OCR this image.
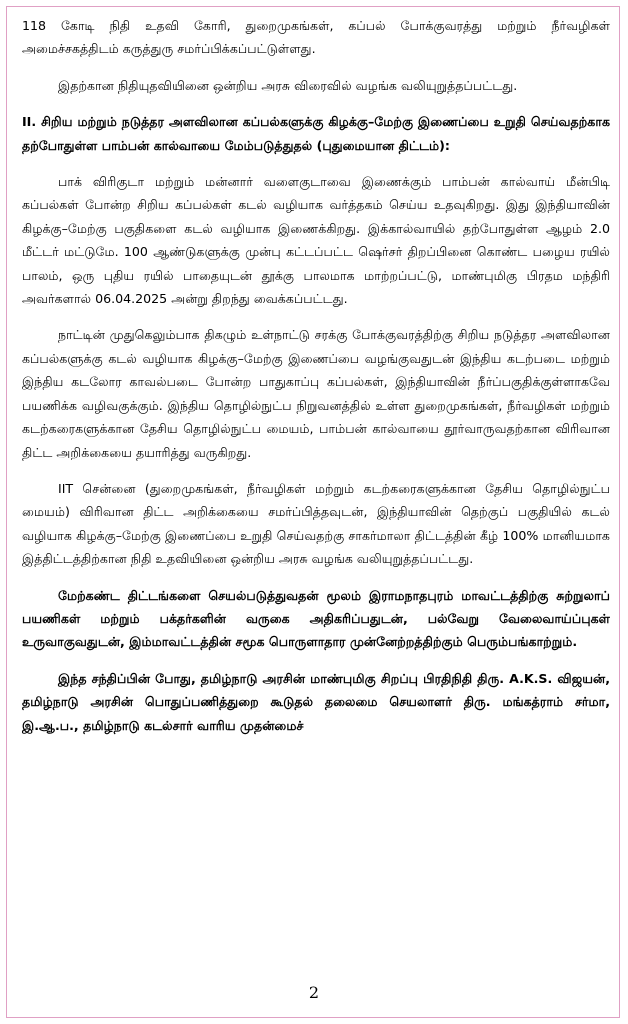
118 கோடி நிதி உதவி கோரி, துறைமுகங்கள், கப்பல் போக்குவரத்து மற்றும் நீர்வழிகள் அமைச்சகத்திடம் கருத்துரு சமர்ப்பிக்கப்பட்டுள்ளது.

இதற்கான நிதியுதவியினை ஒன்றிய அரசு விரைவில் வழங்க வலியுறுத்தப்பட்டது.

II. சிறிய மற்றும் நடுத்தர அளவிலான கப்பல்களுக்கு கிழக்கு–மேற்கு இணைப்பை உறுதி செய்வதற்காக தற்போதுள்ள பாம்பன் கால்வாயை மேம்படுத்துதல் (புதுமையான திட்டம்):

பாக் விரிகுடா மற்றும் மன்னார் வளைகுடாவை இணைக்கும் பாம்பன் கால்வாய் மீன்பிடி கப்பல்கள் போன்ற சிறிய கப்பல்கள் கடல் வழியாக வர்த்தகம் செய்ய உதவுகிறது. இது இந்தியாவின் கிழக்கு–மேற்கு பகுதிகளை கடல் வழியாக இணைக்கிறது. இக்கால்வாயில் தற்போதுள்ள ஆழம் 2.0 மீட்டர் மட்டுமே. 100 ஆண்டுகளுக்கு முன்பு கட்டப்பட்ட ஷெர்சர் திறப்பினை கொண்ட பழைய ரயில் பாலம், ஒரு புதிய ரயில் பாதையுடன் தூக்கு பாலமாக மாற்றப்பட்டு, மாண்புமிகு பிரதம மந்திரி அவர்களால் 06.04.2025 அன்று திறந்து வைக்கப்பட்டது.

நாட்டின் முதுகெலும்பாக திகழும் உள்நாட்டு சரக்கு போக்குவரத்திற்கு சிறிய நடுத்தர அளவிலான கப்பல்களுக்கு கடல் வழியாக கிழக்கு–மேற்கு இணைப்பை வழங்குவதுடன் இந்திய கடற்படை மற்றும் இந்திய கடலோர காவல்படை போன்ற பாதுகாப்பு கப்பல்கள், இந்தியாவின் நீர்ப்பகுதிக்குள்ளாகவே பயணிக்க வழிவகுக்கும். இந்திய தொழில்நுட்ப நிறுவனத்தில் உள்ள துறைமுகங்கள், நீர்வழிகள் மற்றும் கடற்கரைகளுக்கான தேசிய தொழில்நுட்ப மையம், பாம்பன் கால்வாயை தூர்வாருவதற்கான விரிவான திட்ட அறிக்கையை தயாரித்து வருகிறது.

IIT சென்னை (துறைமுகங்கள், நீர்வழிகள் மற்றும் கடற்கரைகளுக்கான தேசிய தொழில்நுட்ப மையம்) விரிவான திட்ட அறிக்கையை சமர்ப்பித்தவுடன், இந்தியாவின் தெற்குப் பகுதியில் கடல் வழியாக கிழக்கு–மேற்கு இணைப்பை உறுதி செய்வதற்கு சாகர்மாலா திட்டத்தின் கீழ் 100% மானியமாக இத்திட்டத்திற்கான நிதி உதவியினை ஒன்றிய அரசு வழங்க வலியுறுத்தப்பட்டது.

மேற்கண்ட திட்டங்களை செயல்படுத்துவதன் மூலம் இராமநாதபுரம் மாவட்டத்திற்கு சுற்றுலாப் பயணிகள் மற்றும் பக்தர்களின் வருகை அதிகரிப்பதுடன், பல்வேறு வேலைவாய்ப்புகள் உருவாகுவதுடன், இம்மாவட்டத்தின் சமூக பொருளாதார முன்னேற்றத்திற்கும் பெரும்பங்காற்றும்.

இந்த சந்திப்பின் போது, தமிழ்நாடு அரசின் மாண்புமிகு சிறப்பு பிரதிநிதி திரு. A.K.S. விஜயன், தமிழ்நாடு அரசின் பொதுப்பணித்துறை கூடுதல் தலைமை செயலாளர் திரு. மங்கத்ராம் சர்மா, இ.ஆ.ப., தமிழ்நாடு கடல்சார் வாரிய முதன்மைச்

2
